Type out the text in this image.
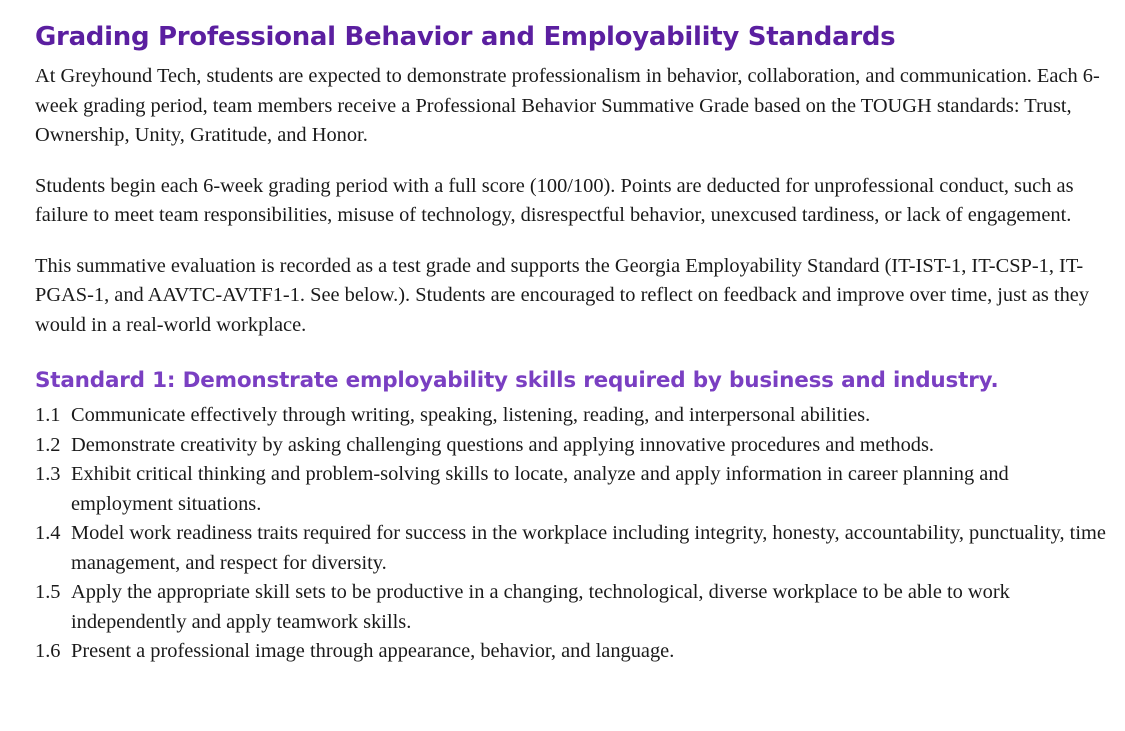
Grading Professional Behavior and Employability Standards

At Greyhound Tech, students are expected to demonstrate professionalism in behavior, collaboration, and communication. Each 6-week grading period, team members receive a Professional Behavior Summative Grade based on the TOUGH standards: Trust, Ownership, Unity, Gratitude, and Honor.

Students begin each 6-week grading period with a full score (100/100). Points are deducted for unprofessional conduct, such as failure to meet team responsibilities, misuse of technology, disrespectful behavior, unexcused tardiness, or lack of engagement.

This summative evaluation is recorded as a test grade and supports the Georgia Employability Standard (IT-IST-1, IT-CSP-1, IT-PGAS-1, and AAVTC-AVTF1-1. See below.). Students are encouraged to reflect on feedback and improve over time, just as they would in a real-world workplace.

Standard 1: Demonstrate employability skills required by business and industry.
1.1 Communicate effectively through writing, speaking, listening, reading, and interpersonal abilities.
1.2 Demonstrate creativity by asking challenging questions and applying innovative procedures and methods.
1.3 Exhibit critical thinking and problem-solving skills to locate, analyze and apply information in career planning and employment situations.
1.4 Model work readiness traits required for success in the workplace including integrity, honesty, accountability, punctuality, time management, and respect for diversity.
1.5 Apply the appropriate skill sets to be productive in a changing, technological, diverse workplace to be able to work independently and apply teamwork skills.
1.6 Present a professional image through appearance, behavior, and language.
